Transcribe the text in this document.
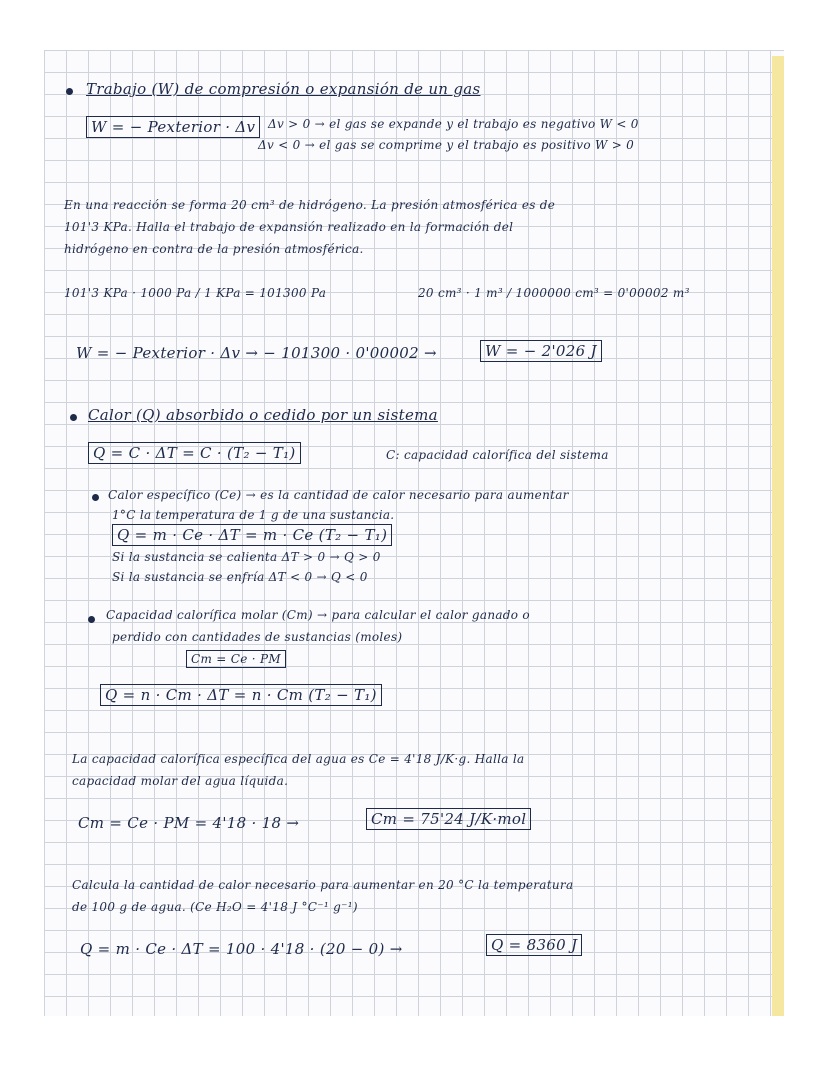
Trabajo (W) de compresión o expansión de un gas
W = − Pexterior · Δv	Δv > 0 → el gas se expande y el trabajo es negativo W < 0
Δv < 0 → el gas se comprime y el trabajo es positivo W > 0
En una reacción se forma 20 cm³ de hidrógeno. La presión atmosférica es de
101'3 KPa. Halla el trabajo de expansión realizado en la formación del
hidrógeno en contra de la presión atmosférica.
101'3 KPa · 1000 Pa / 1 KPa = 101300 Pa	20 cm³ · 1 m³ / 1000000 cm³ = 0'00002 m³
W = − Pexterior · Δv → − 101300 · 0'00002 →	W = − 2'026 J
Calor (Q) absorbido o cedido por un sistema
Q = C · ΔT = C · (T₂ − T₁)	C: capacidad calorífica del sistema
Calor específico (Ce) → es la cantidad de calor necesario para aumentar
1°C la temperatura de 1 g de una sustancia.
Q = m · Ce · ΔT = m · Ce (T₂ − T₁)
Si la sustancia se calienta ΔT > 0 → Q > 0
Si la sustancia se enfría ΔT < 0 → Q < 0
Capacidad calorífica molar (Cm) → para calcular el calor ganado o
perdido con cantidades de sustancias (moles)
Cm = Ce · PM
Q = n · Cm · ΔT = n · Cm (T₂ − T₁)
La capacidad calorífica específica del agua es Ce = 4'18 J/K·g. Halla la
capacidad molar del agua líquida.
Cm = Ce · PM = 4'18 · 18 →	Cm = 75'24 J/K·mol
Calcula la cantidad de calor necesario para aumentar en 20 °C la temperatura
de 100 g de agua. (Ce H₂O = 4'18 J °C⁻¹ g⁻¹)
Q = m · Ce · ΔT = 100 · 4'18 · (20 − 0) →	Q = 8360 J
